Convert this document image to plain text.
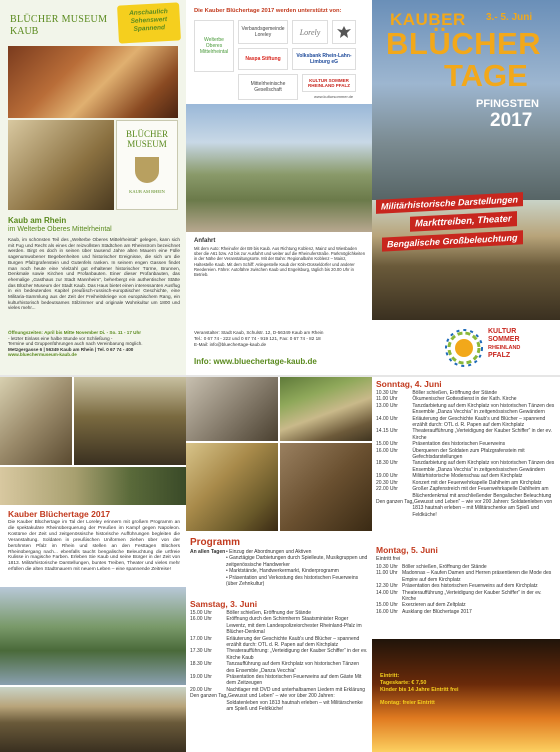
BLÜCHER MUSEUM
KAUB
Anschaulich
Sehenswert
Spannend
BLÜCHER
MUSEUM
KAUB AM RHEIN
Kaub am Rhein
im Welterbe Oberes Mittelrheintal
Kaub, im schönsten Teil des „Welterbe Oberes Mittelrheintal“ gelegen, kann sich mit Fug und Recht als eines der reizvollsten Städtchen am Rheinstrom bezeichnet werden. Birgt es doch in seinen über tausend Jahre alten Mauern eine Fülle sagenumwobener Begebenheiten und historischer Ereignisse, die sich um die Burgen Pfalzgrafenstein und Gutenfels ranken. In seinem engen Gassen findet man noch heute eine Vielzahl gut erhaltener historischer Türme, Brunnen, Denkmale sowie Kirchen und Profanbauten. Einer dieser Profanbauten, das ehemalige „Gasthaus zur Stadt Mannheim“, beherbergt ein authentischer Stätte das Blücher Museum der Stadt Kaub. Das Haus bietet einen interessanten Ausflug in ein bedeutendes Kapitel preußisch-russisch-europäischer Geschichte, eine Militaria-Sammlung aus der Zeit der Freiheitskriege von europäischem Rang, ein kulturhistorisch bedeutsames Stilzimmer und originale Wohnkultur um 1800 und vieles mehr...
Öffnungszeiten: April bis Mitte November Di. - So. 11 - 17 Uhr
- letzter Einlass eine halbe Stunde vor Schließung -
Termine und Gruppenführungen auch nach Vereinbarung möglich.
Metzgergasse 6 | 56349 Kaub am Rhein | Tel. 0 67 74 - 400
www.bluechermuseum-kaub.de
Die Kauber Blüchertage 2017 werden unterstützt von:
Welterbe Oberes Mittelrheintal
Verbandsgemeinde Loreley	Lorely
Naspa Stiftung	Volksbank Rhein-Lahn-Limburg eG
Mittelrheinische Gesellschaft
KULTUR SOMMER RHEINLAND PFALZ
www.kultursommer.de
Anfahrt
Mit dem Auto: Rheinufer der B9 bis Kaub. Aus Richtung Koblenz, Mainz und Wiesbaden über die A61 bzw. A3 bis zur Ausfahrt und weiter auf die Rheinuferstraße. Parkmöglichkeiten in der Nähe der Veranstaltungsorte. Mit der Bahn: Regionalbahn Koblenz – Mainz, Haltestelle Kaub. Mit dem Schiff: Anlegestelle Kaub der Köln-Düsseldorfer und anderer Reedereien. Fähre: Autofähre zwischen Kaub und Engelsburg, täglich bis 20.00 Uhr in Betrieb.
Veranstalter: Stadt Kaub, Schulstr. 12, D-56349 Kaub am Rhein
Tel.: 0 67 74 - 222 und 0 67 74 - 919 121, Fax: 0 67 74 - 82 18
E-Mail: info@bluechertage-kaub.de
Info: www.bluechertage-kaub.de
KAUBER 3.- 5. Juni
BLÜCHER
TAGE
PFINGSTEN
2017
Militärhistorische Darstellungen
Markttreiben, Theater
Bengalische Großbeleuchtung
KULTUR
SOMMER
RHEINLAND
PFALZ
Kauber Blüchertage 2017
Die Kauber Blüchertage im Tal der Loreley erinnern mit großem Programm an die spektakuläre Rheinüberquerung der Preußen im Kampf gegen Napoleon. Kostüme der Zeit und zeitgenössische historische Aufführungen begleiten die Veranstaltung. Soldaten in preußischen Uniformen ziehen über von der berühmten Pfalz im Rhein und stellen an den Festtagen Blüchers Rheinübergang nach... ebenfalls taucht bengalische Beleuchtung die urtfreie Kulisse in magische Farben. Erleben Sie Kaub und seine Bürger in der Zeit von 1813. Militärhistorische Darstellungen, buntes Treiben, Theater und vieles mehr erfüllen die alten Stadtmauern mit neuem Leben – eine spannende Zeitreise!
Programm
An allen Tagen • Einzug der Abordnungen und Aktiven
• Ganztägige Darbietungen durch Spielleute, Musikgruppen und zeitgenössische Handwerker
• Marktstände, Handwerkermarkt, Kinderprogramm
• Präsentation und Verkostung des historischen Feuerweins (über Zehnkultur)
Samstag, 3. Juni
15.00 Uhr	Böller schießen, Eröffnung der Stände
16.00 Uhr	Eröffnung durch den Schirmherrn Staatsminister Roger Lewentz, mit dem Landespolizeiorchester Rheinland-Pfalz im Blücher-Denkmal
17.00 Uhr	Erläuterung der Geschichte Kaub's und Blücher – spannend erzählt durch: OTL d. R. Papen auf dem Kirchplatz
17.30 Uhr	Theateraufführung: „Verteidigung der Kauber Schiffer“ in der ev. Kirche Kaub
18.30 Uhr	Tanzaufführung auf dem Kirchplatz von historischen Tänzen des Ensemble „Danza Vecchia“
19.00 Uhr	Präsentation des historischen Feuerweins auf dem Gäste Mit dem Zeitzeugen
20.00 Uhr	Nachtlager mit DVD und unterhaltsamen Liedern mit Erklärung
Den ganzen Tag	„Gewusst und Leben“ – wie vor über 200 Jahren: Soldatenleben von 1813 hautnah erleben – wit Militärschenke am Spieß und Feldküche!
Sonntag, 4. Juni
10.30 Uhr	Böller schießen, Eröffnung der Stände
11.00 Uhr	Ökumenischer Gottesdienst in der Kath. Kirche
13.00 Uhr	Tanzdarbietung auf dem Kirchplatz von historischen Tänzen des Ensemble „Danza Vecchia“ in zeitgenössischen Gewändern
14.00 Uhr	Erläuterung der Geschichte Kaub's und Blücher – spannend erzählt durch: OTL d. R. Papen auf dem Kirchplatz
14.15 Uhr	Theateraufführung „Verteidigung der Kauber Schiffer“ in der ev. Kirche
15.00 Uhr	Präsentation des historischen Feuerweins
16.00 Uhr	Überqueren der Soldaten zum Pfalzgrafenstein mit Gefechtsdarstellungen
18.30 Uhr	Tanzdarbietung auf dem Kirchplatz von historischen Tänzen des Ensemble „Danza Vecchia“ in zeitgenössischen Gewändern
19.00 Uhr	Militärhistorische Modenschau auf dem Kirchplatz
20.30 Uhr	Konzert mit der Feuerwehrkapelle Dahlheim am Kirchplatz
22.00 Uhr	Großer Zapfenstreich mit der Feuerwehrkapelle Dahlheim am Blücherdenkmal mit anschließender Bengalischer Beleuchtung
Den ganzen Tag	„Gewusst und Leben“ – wie vor 200 Jahren: Soldatenleben von 1813 hautnah erleben – mit Militärschenke am Spieß und Feldküche!
Montag, 5. Juni
Eintritt frei
10.30 Uhr	Böller schießen, Eröffnung der Stände
11.00 Uhr	Madonnas – Kaufen Damen und Herren präsentieren die Mode des Empire auf dem Kirchplatz
12.30 Uhr	Präsentation des historischen Feuerweins auf dem Kirchplatz
14.00 Uhr	Theateraufführung „Verteidigung der Kauber Schiffer“ in der ev. Kirche
15.00 Uhr	Exerzieren auf dem Zeltplatz
16.00 Uhr	Ausklang der Blüchertage 2017
Eintritt:
Tageskarte: € 7,50
Kinder bis 14 Jahre Eintritt frei
Montag: freier Eintritt
